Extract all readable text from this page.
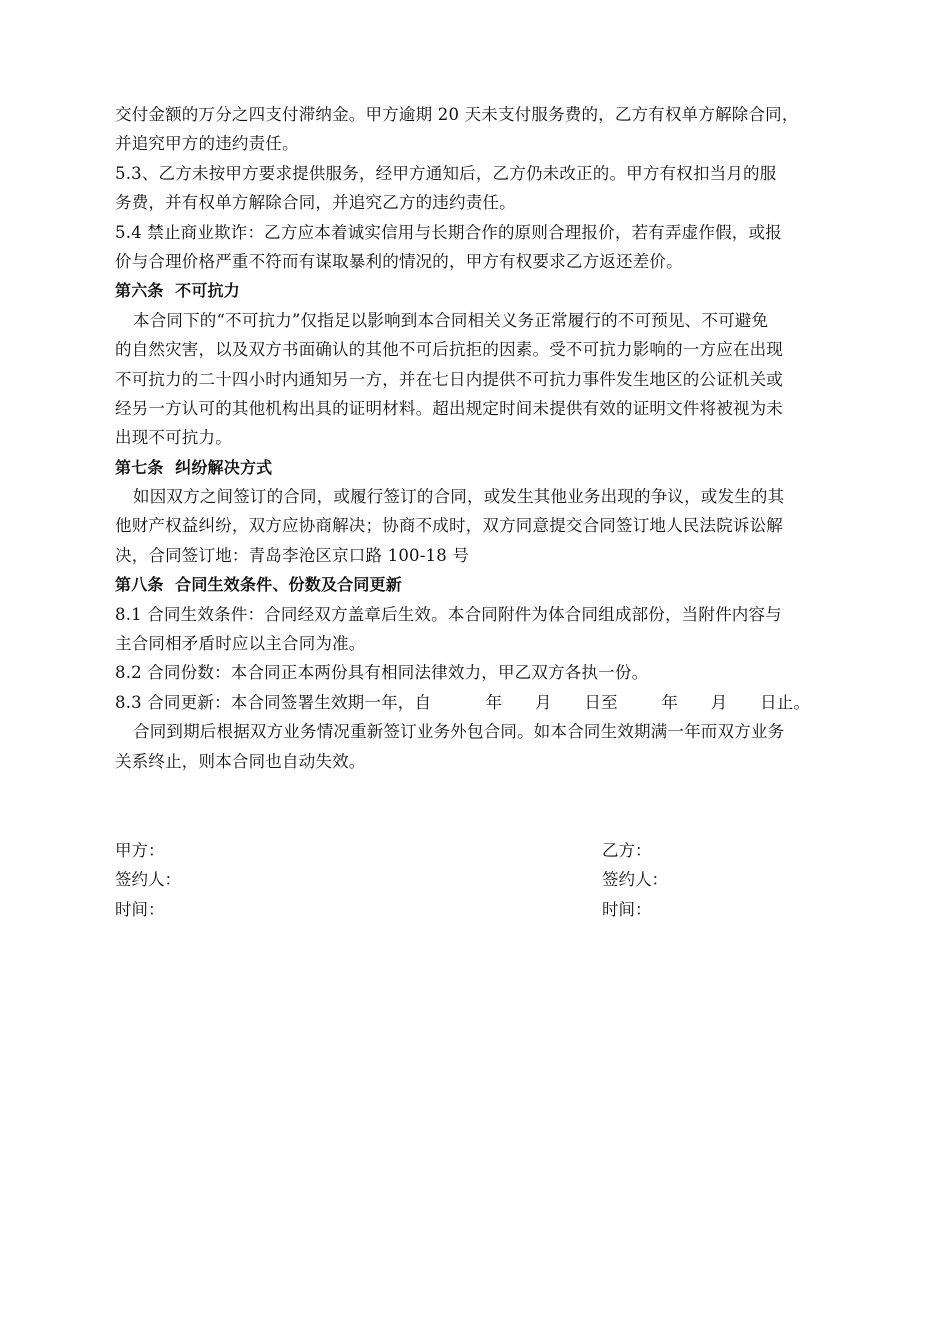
交付金额的万分之四支付滞纳金。甲方逾期 20 天未支付服务费的，乙方有权单方解除合同，
并追究甲方的违约责任。
5.3、乙方未按甲方要求提供服务，经甲方通知后，乙方仍未改正的。甲方有权扣当月的服
务费，并有权单方解除合同，并追究乙方的违约责任。
5.4 禁止商业欺诈：乙方应本着诚实信用与长期合作的原则合理报价，若有弄虚作假，或报
价与合理价格严重不符而有谋取暴利的情况的，甲方有权要求乙方返还差价。
第六条  不可抗力
本合同下的“不可抗力”仅指足以影响到本合同相关义务正常履行的不可预见、不可避免
的自然灾害，以及双方书面确认的其他不可后抗拒的因素。受不可抗力影响的一方应在出现
不可抗力的二十四小时内通知另一方，并在七日内提供不可抗力事件发生地区的公证机关或
经另一方认可的其他机构出具的证明材料。超出规定时间未提供有效的证明文件将被视为未
出现不可抗力。
第七条  纠纷解决方式
如因双方之间签订的合同，或履行签订的合同，或发生其他业务出现的争议，或发生的其
他财产权益纠纷，双方应协商解决；协商不成时，双方同意提交合同签订地人民法院诉讼解
决，合同签订地：青岛李沧区京口路 100-18 号
第八条  合同生效条件、份数及合同更新
8.1 合同生效条件：合同经双方盖章后生效。本合同附件为体合同组成部份，当附件内容与
主合同相矛盾时应以主合同为准。
8.2 合同份数：本合同正本两份具有相同法律效力，甲乙双方各执一份。
8.3 合同更新：本合同签署生效期一年，自          年      月      日至        年      月      日止。
合同到期后根据双方业务情况重新签订业务外包合同。如本合同生效期满一年而双方业务
关系终止，则本合同也自动失效。
甲方：	乙方：
签约人：	签约人：
时间：	时间：
